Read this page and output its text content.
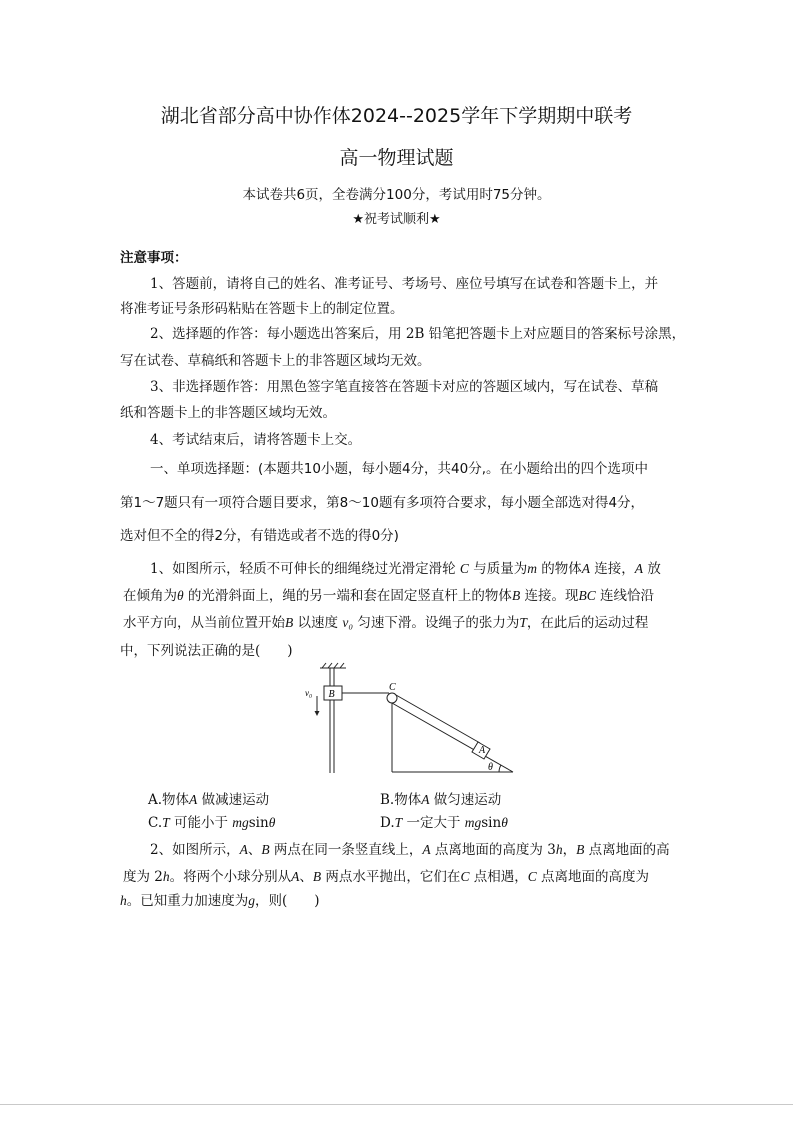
湖北省部分高中协作体2024--2025学年下学期期中联考
高一物理试题
本试卷共6页，全卷满分100分，考试用时75分钟。
★祝考试顺利★
注意事项：
1、答题前，请将自己的姓名、准考证号、考场号、座位号填写在试卷和答题卡上，并
将准考证号条形码粘贴在答题卡上的制定位置。
2、选择题的作答：每小题选出答案后，用 2B 铅笔把答题卡上对应题目的答案标号涂黑，
写在试卷、草稿纸和答题卡上的非答题区域均无效。
3、非选择题作答：用黑色签字笔直接答在答题卡对应的答题区域内，写在试卷、草稿
纸和答题卡上的非答题区域均无效。
4、考试结束后，请将答题卡上交。
一、单项选择题：(本题共10小题，每小题4分，共40分,。在小题给出的四个选项中
第1～7题只有一项符合题目要求，第8～10题有多项符合要求，每小题全部选对得4分，
选对但不全的得2分，有错选或者不选的得0分)
1、如图所示，轻质不可伸长的细绳绕过光滑定滑轮 C 与质量为m 的物体A 连接，A 放
在倾角为θ 的光滑斜面上，绳的另一端和套在固定竖直杆上的物体B 连接。现BC 连线恰沿
水平方向，从当前位置开始B 以速度 v₀ 匀速下滑。设绳子的张力为T，在此后的运动过程
中，下列说法正确的是(　　)
B
v₀	C
A
θ
A.物体A 做减速运动	B.物体A 做匀速运动
C.T 可能小于 mgsinθ	D.T 一定大于 mgsinθ
2、如图所示，A、B 两点在同一条竖直线上，A 点离地面的高度为 3h，B 点离地面的高
度为 2h。将两个小球分别从A、B 两点水平抛出，它们在C 点相遇，C 点离地面的高度为
h。已知重力加速度为g，则(　　)
